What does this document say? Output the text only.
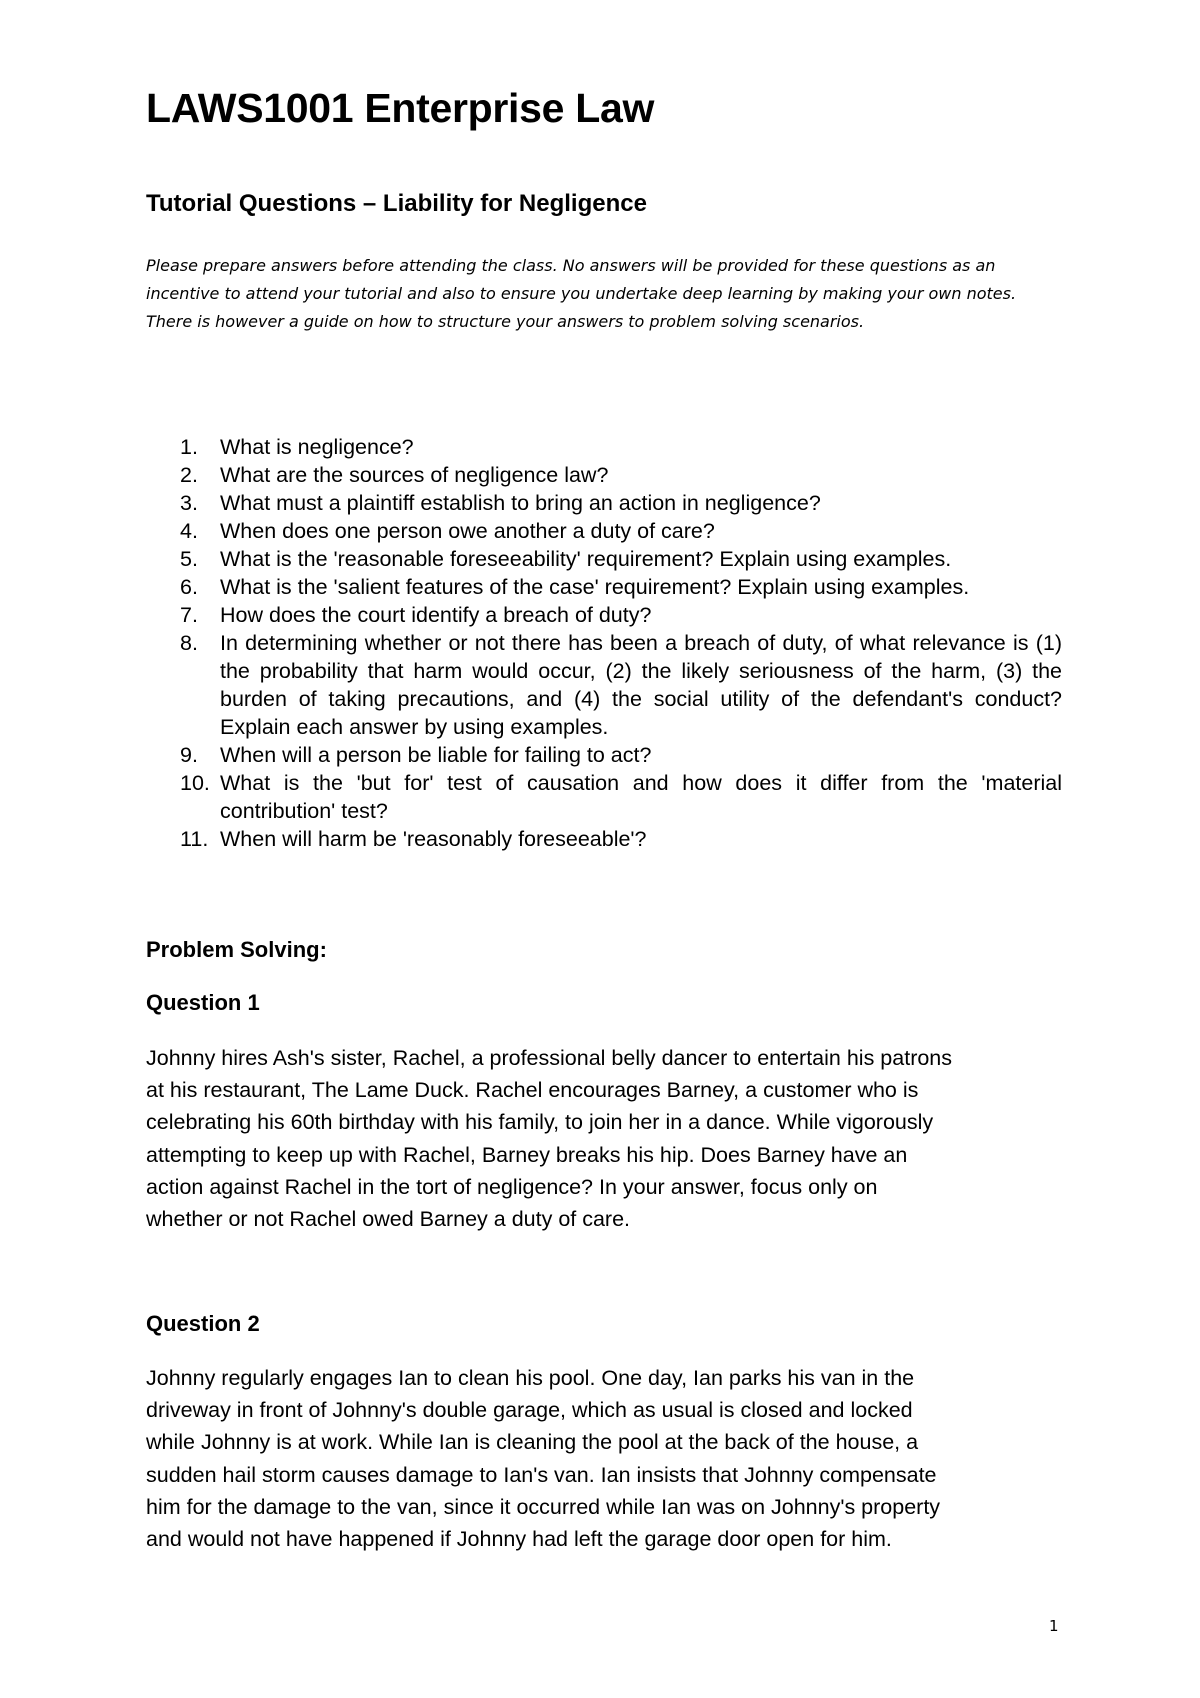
LAWS1001 Enterprise Law
Tutorial Questions – Liability for Negligence

Please prepare answers before attending the class. No answers will be provided for these questions as an incentive to attend your tutorial and also to ensure you undertake deep learning by making your own notes. There is however a guide on how to structure your answers to problem solving scenarios.

1. What is negligence?
2. What are the sources of negligence law?
3. What must a plaintiff establish to bring an action in negligence?
4. When does one person owe another a duty of care?
5. What is the 'reasonable foreseeability' requirement? Explain using examples.
6. What is the 'salient features of the case' requirement? Explain using examples.
7. How does the court identify a breach of duty?
8. In determining whether or not there has been a breach of duty, of what relevance is (1) the probability that harm would occur, (2) the likely seriousness of the harm, (3) the burden of taking precautions, and (4) the social utility of the defendant's conduct? Explain each answer by using examples.
9. When will a person be liable for failing to act?
10. What is the 'but for' test of causation and how does it differ from the 'material contribution' test?
11. When will harm be 'reasonably foreseeable'?
Problem Solving:
Question 1
Johnny hires Ash's sister, Rachel, a professional belly dancer to entertain his patrons
at his restaurant, The Lame Duck. Rachel encourages Barney, a customer who is
celebrating his 60th birthday with his family, to join her in a dance. While vigorously
attempting to keep up with Rachel, Barney breaks his hip. Does Barney have an
action against Rachel in the tort of negligence? In your answer, focus only on
whether or not Rachel owed Barney a duty of care.
Question 2
Johnny regularly engages Ian to clean his pool. One day, Ian parks his van in the
driveway in front of Johnny's double garage, which as usual is closed and locked
while Johnny is at work. While Ian is cleaning the pool at the back of the house, a
sudden hail storm causes damage to Ian's van. Ian insists that Johnny compensate
him for the damage to the van, since it occurred while Ian was on Johnny's property
and would not have happened if Johnny had left the garage door open for him.
1
